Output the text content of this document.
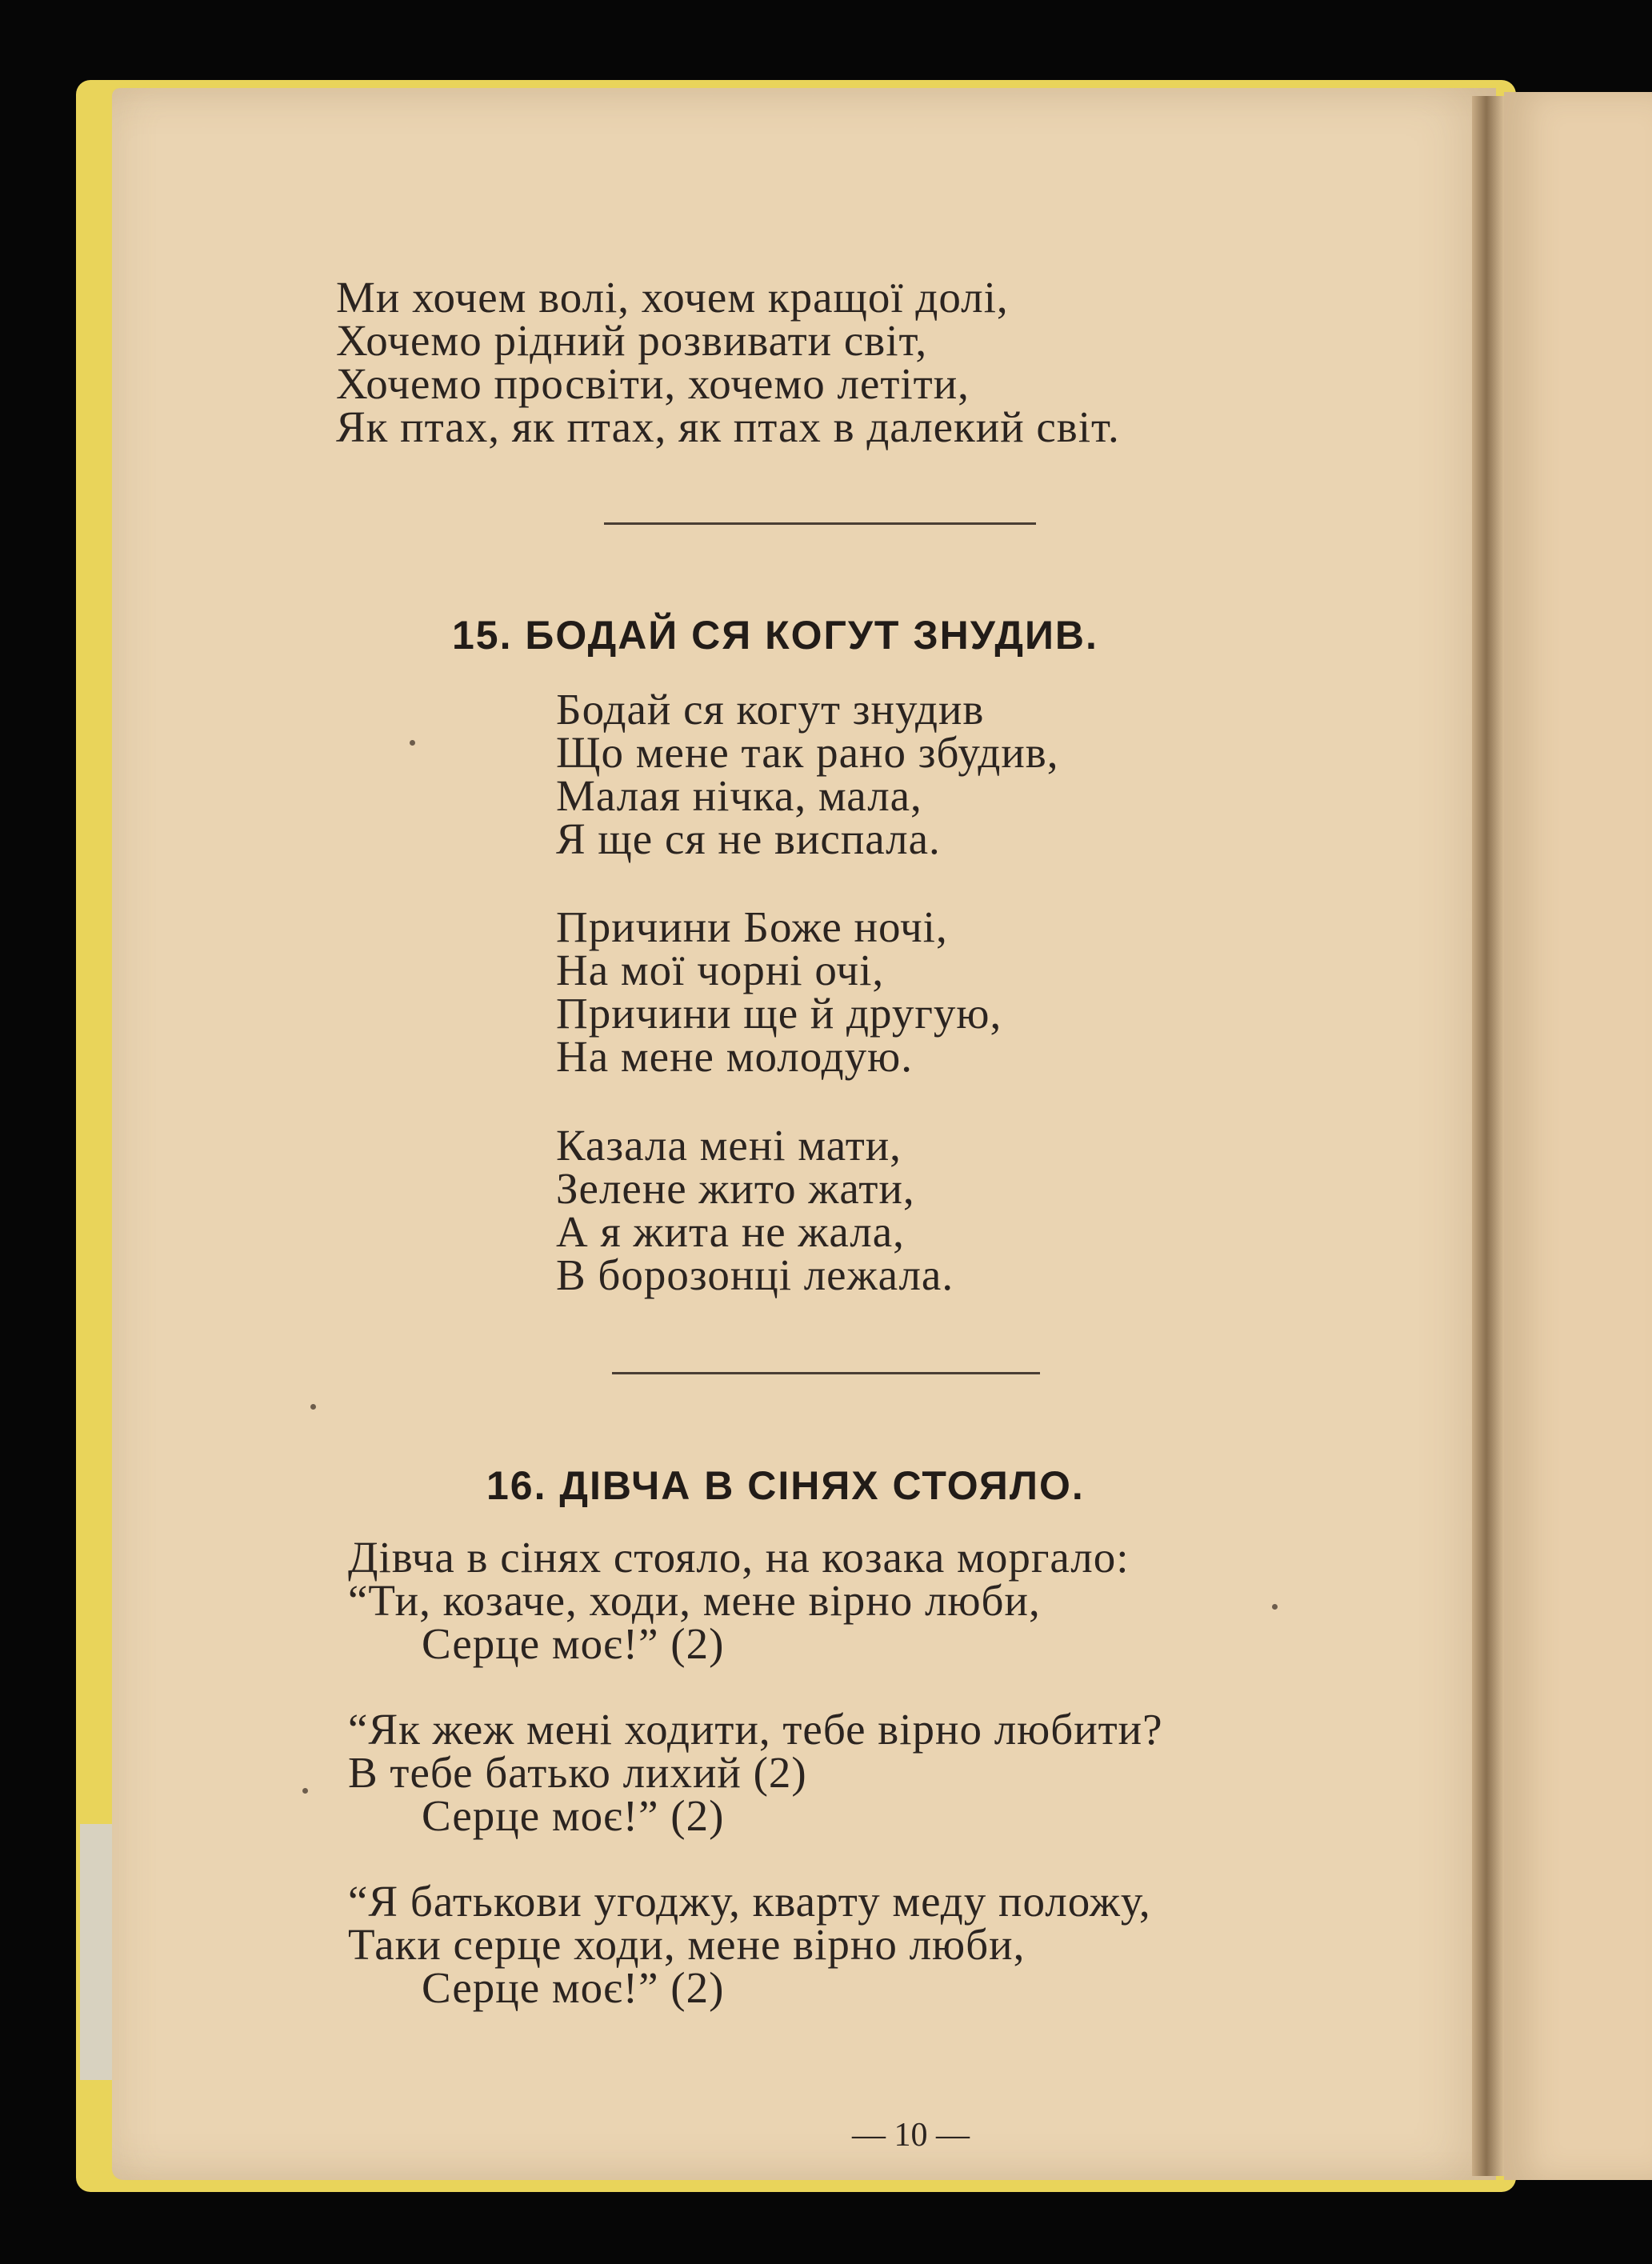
Ми хочем волі, хочем кращої долі,
Хочемо рідний розвивати світ,
Хочемо просвіти, хочемо летіти,
Як птах, як птах, як птах в далекий світ.
15. БОДАЙ СЯ КОГУТ ЗНУДИВ.
Бодай ся когут знудив
Що мене так рано збудив,
Малая нічка, мала,
Я ще ся не виспала.
Причини Боже ночі,
На мої чорні очі,
Причини ще й другую,
На мене молодую.
Казала мені мати,
Зелене жито жати,
А я жита не жала,
В борозонці лежала.
16. ДІВЧА В СІНЯХ СТОЯЛО.
Дівча в сінях стояло, на козака моргало:
“Ти, козаче, ходи, мене вірно люби,
Серце моє!” (2)
“Як жеж мені ходити, тебе вірно любити?
В тебе батько лихий (2)
Серце моє!” (2)
“Я батькови угоджу, кварту меду положу,
Таки серце ходи, мене вірно люби,
Серце моє!” (2)
— 10 —
